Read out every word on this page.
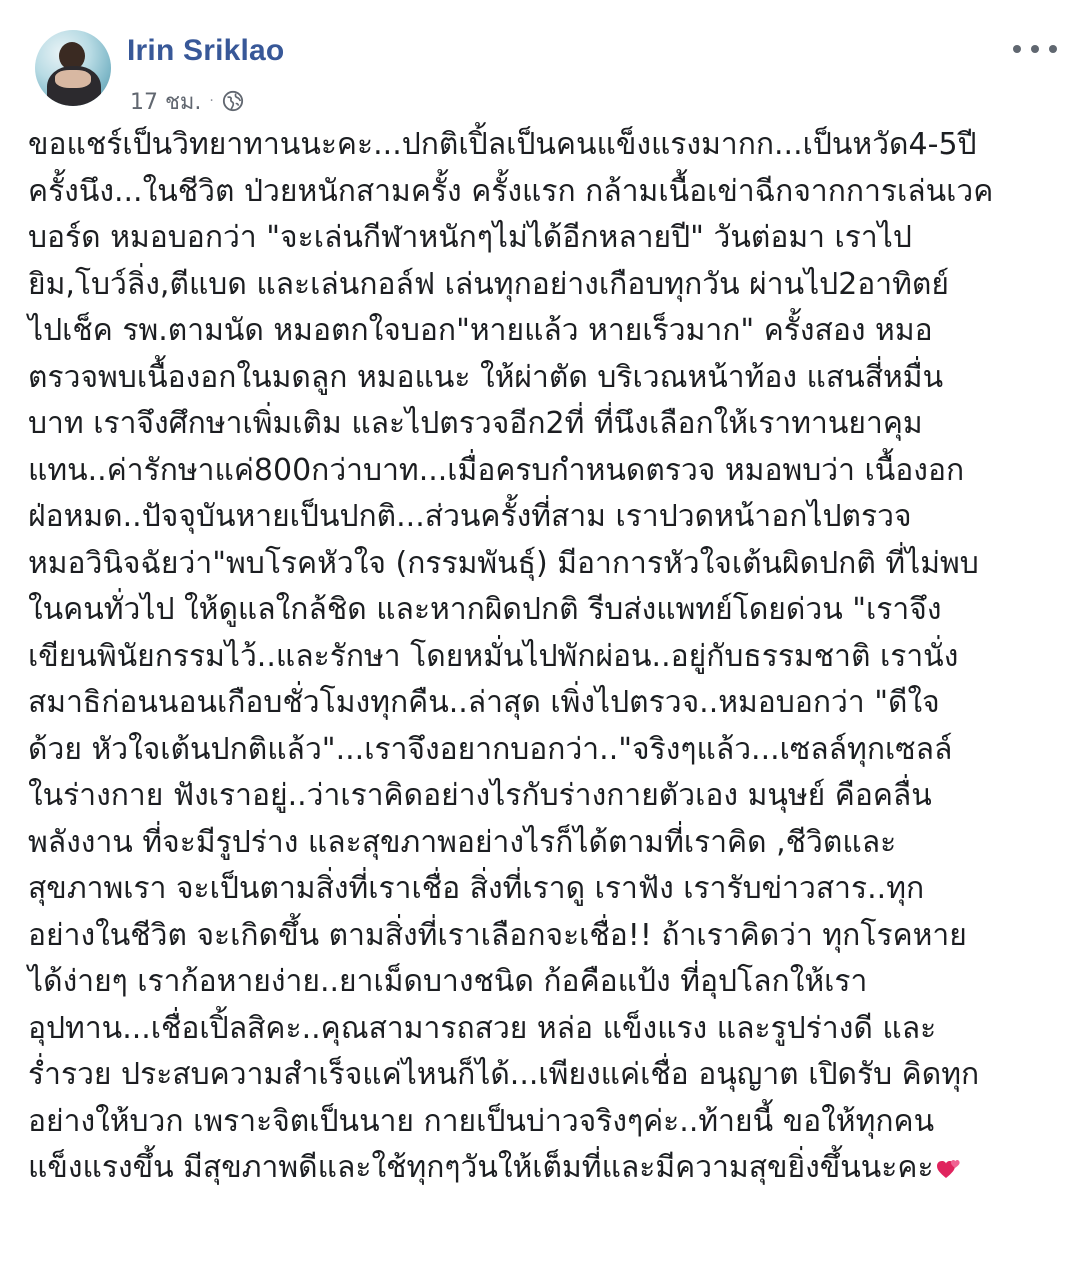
Irin Sriklao
17 ชม. ·
ขอแชร์เป็นวิทยาทานนะคะ...ปกติเปิ้ลเป็นคนแข็งแรงมากก...เป็นหวัด4-5ปี
ครั้งนึง...ในชีวิต ป่วยหนักสามครั้ง ครั้งแรก กล้ามเนื้อเข่าฉีกจากการเล่นเวค
บอร์ด หมอบอกว่า "จะเล่นกีฬาหนักๆไม่ได้อีกหลายปี" วันต่อมา เราไป
ยิม,โบว์ลิ่ง,ตีแบด และเล่นกอล์ฟ เล่นทุกอย่างเกือบทุกวัน ผ่านไป2อาทิตย์
ไปเช็ค รพ.ตามนัด หมอตกใจบอก"หายแล้ว หายเร็วมาก" ครั้งสอง หมอ
ตรวจพบเนื้องอกในมดลูก หมอแนะ ให้ผ่าตัด บริเวณหน้าท้อง แสนสี่หมื่น
บาท เราจึงศึกษาเพิ่มเติม และไปตรวจอีก2ที่ ที่นึงเลือกให้เราทานยาคุม
แทน..ค่ารักษาแค่800กว่าบาท...เมื่อครบกำหนดตรวจ หมอพบว่า เนื้องอก
ฝ่อหมด..ปัจจุบันหายเป็นปกติ...ส่วนครั้งที่สาม เราปวดหน้าอกไปตรวจ
หมอวินิจฉัยว่า"พบโรคหัวใจ (กรรมพันธุ์) มีอาการหัวใจเต้นผิดปกติ ที่ไม่พบ
ในคนทั่วไป ให้ดูแลใกล้ชิด และหากผิดปกติ รีบส่งแพทย์โดยด่วน "เราจึง
เขียนพินัยกรรมไว้..และรักษา โดยหมั่นไปพักผ่อน..อยู่กับธรรมชาติ เรานั่ง
สมาธิก่อนนอนเกือบชั่วโมงทุกคืน..ล่าสุด เพิ่งไปตรวจ..หมอบอกว่า "ดีใจ
ด้วย หัวใจเต้นปกติแล้ว"...เราจึงอยากบอกว่า.."จริงๆแล้ว...เซลล์ทุกเซลล์
ในร่างกาย ฟังเราอยู่..ว่าเราคิดอย่างไรกับร่างกายตัวเอง มนุษย์ คือคลื่น
พลังงาน ที่จะมีรูปร่าง และสุขภาพอย่างไรก็ได้ตามที่เราคิด ,ชีวิตและ
สุขภาพเรา จะเป็นตามสิ่งที่เราเชื่อ สิ่งที่เราดู เราฟัง เรารับข่าวสาร..ทุก
อย่างในชีวิต จะเกิดขึ้น ตามสิ่งที่เราเลือกจะเชื่อ!! ถ้าเราคิดว่า ทุกโรคหาย
ได้ง่ายๆ เราก้อหายง่าย..ยาเม็ดบางชนิด ก้อคือแป้ง ที่อุปโลกให้เรา
อุปทาน...เชื่อเปิ้ลสิคะ..คุณสามารถสวย หล่อ แข็งแรง และรูปร่างดี และ
ร่ำรวย ประสบความสำเร็จแค่ไหนก็ได้...เพียงแค่เชื่อ อนุญาต เปิดรับ คิดทุก
อย่างให้บวก เพราะจิตเป็นนาย กายเป็นบ่าวจริงๆค่ะ..ท้ายนี้ ขอให้ทุกคน
แข็งแรงขึ้น มีสุขภาพดีและใช้ทุกๆวันให้เต็มที่และมีความสุขยิ่งขึ้นนะคะ
